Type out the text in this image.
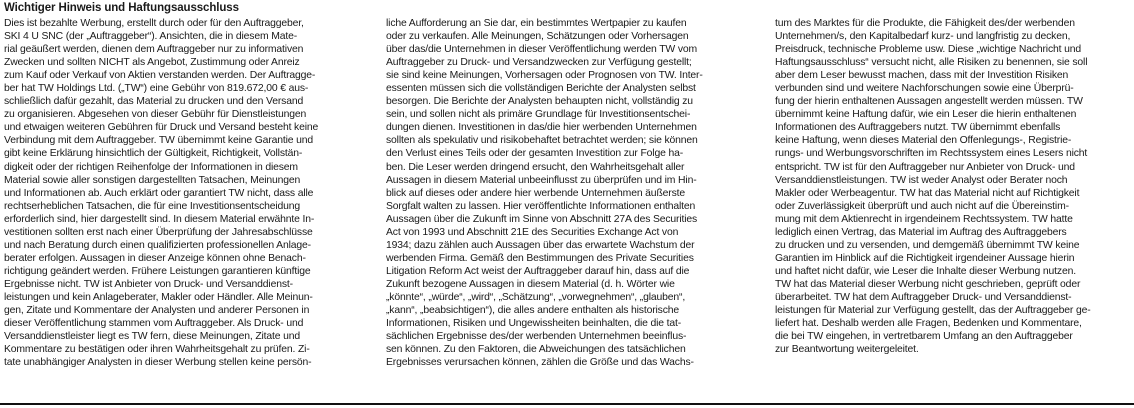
Wichtiger Hinweis und Haftungsausschluss
Dies ist bezahlte Werbung, erstellt durch oder für den Auftraggeber,
SKI 4 U SNC (der „Auftraggeber“). Ansichten, die in diesem Mate-
rial geäußert werden, dienen dem Auftraggeber nur zu informativen
Zwecken und sollten NICHT als Angebot, Zustimmung oder Anreiz
zum Kauf oder Verkauf von Aktien verstanden werden. Der Auftragge-
ber hat TW Holdings Ltd. („TW“) eine Gebühr von 819.672,00 € aus-
schließlich dafür gezahlt, das Material zu drucken und den Versand
zu organisieren. Abgesehen von dieser Gebühr für Dienstleistungen
und etwaigen weiteren Gebühren für Druck und Versand besteht keine
Verbindung mit dem Auftraggeber. TW übernimmt keine Garantie und
gibt keine Erklärung hinsichtlich der Gültigkeit, Richtigkeit, Vollstän-
digkeit oder der richtigen Reihenfolge der Informationen in diesem
Material sowie aller sonstigen dargestellten Tatsachen, Meinungen
und Informationen ab. Auch erklärt oder garantiert TW nicht, dass alle
rechtserheblichen Tatsachen, die für eine Investitionsentscheidung
erforderlich sind, hier dargestellt sind. In diesem Material erwähnte In-
vestitionen sollten erst nach einer Überprüfung der Jahresabschlüsse
und nach Beratung durch einen qualifizierten professionellen Anlage-
berater erfolgen. Aussagen in dieser Anzeige können ohne Benach-
richtigung geändert werden. Frühere Leistungen garantieren künftige
Ergebnisse nicht. TW ist Anbieter von Druck- und Versanddienst-
leistungen und kein Anlageberater, Makler oder Händler. Alle Meinun-
gen, Zitate und Kommentare der Analysten und anderer Personen in
dieser Veröffentlichung stammen vom Auftraggeber. Als Druck- und
Versanddienstleister liegt es TW fern, diese Meinungen, Zitate und
Kommentare zu bestätigen oder ihren Wahrheitsgehalt zu prüfen. Zi-
tate unabhängiger Analysten in dieser Werbung stellen keine persön-
liche Aufforderung an Sie dar, ein bestimmtes Wertpapier zu kaufen
oder zu verkaufen. Alle Meinungen, Schätzungen oder Vorhersagen
über das/die Unternehmen in dieser Veröffentlichung werden TW vom
Auftraggeber zu Druck- und Versandzwecken zur Verfügung gestellt;
sie sind keine Meinungen, Vorhersagen oder Prognosen von TW. Inter-
essenten müssen sich die vollständigen Berichte der Analysten selbst
besorgen. Die Berichte der Analysten behaupten nicht, vollständig zu
sein, und sollen nicht als primäre Grundlage für Investitionsentschei-
dungen dienen. Investitionen in das/die hier werbenden Unternehmen
sollten als spekulativ und risikobehaftet betrachtet werden; sie können
den Verlust eines Teils oder der gesamten Investition zur Folge ha-
ben. Die Leser werden dringend ersucht, den Wahrheitsgehalt aller
Aussagen in diesem Material unbeeinflusst zu überprüfen und im Hin-
blick auf dieses oder andere hier werbende Unternehmen äußerste
Sorgfalt walten zu lassen. Hier veröffentlichte Informationen enthalten
Aussagen über die Zukunft im Sinne von Abschnitt 27A des Securities
Act von 1993 und Abschnitt 21E des Securities Exchange Act von
1934; dazu zählen auch Aussagen über das erwartete Wachstum der
werbenden Firma. Gemäß den Bestimmungen des Private Securities
Litigation Reform Act weist der Auftraggeber darauf hin, dass auf die
Zukunft bezogene Aussagen in diesem Material (d. h. Wörter wie
„könnte“, „würde“, „wird“, „Schätzung“, „vorwegnehmen“, „glauben“,
„kann“, „beabsichtigen“), die alles andere enthalten als historische
Informationen, Risiken und Ungewissheiten beinhalten, die die tat-
sächlichen Ergebnisse des/der werbenden Unternehmen beeinflus-
sen können. Zu den Faktoren, die Abweichungen des tatsächlichen
Ergebnisses verursachen können, zählen die Größe und das Wachs-
tum des Marktes für die Produkte, die Fähigkeit des/der werbenden
Unternehmen/s, den Kapitalbedarf kurz- und langfristig zu decken,
Preisdruck, technische Probleme usw. Diese „wichtige Nachricht und
Haftungsausschluss“ versucht nicht, alle Risiken zu benennen, sie soll
aber dem Leser bewusst machen, dass mit der Investition Risiken
verbunden sind und weitere Nachforschungen sowie eine Überprü-
fung der hierin enthaltenen Aussagen angestellt werden müssen. TW
übernimmt keine Haftung dafür, wie ein Leser die hierin enthaltenen
Informationen des Auftraggebers nutzt. TW übernimmt ebenfalls
keine Haftung, wenn dieses Material den Offenlegungs-, Registrie-
rungs- und Werbungsvorschriften im Rechtssystem eines Lesers nicht
entspricht. TW ist für den Auftraggeber nur Anbieter von Druck- und
Versanddienstleistungen. TW ist weder Analyst oder Berater noch
Makler oder Werbeagentur. TW hat das Material nicht auf Richtigkeit
oder Zuverlässigkeit überprüft und auch nicht auf die Übereinstim-
mung mit dem Aktienrecht in irgendeinem Rechtssystem. TW hatte
lediglich einen Vertrag, das Material im Auftrag des Auftraggebers
zu drucken und zu versenden, und demgemäß übernimmt TW keine
Garantien im Hinblick auf die Richtigkeit irgendeiner Aussage hierin
und haftet nicht dafür, wie Leser die Inhalte dieser Werbung nutzen.
TW hat das Material dieser Werbung nicht geschrieben, geprüft oder
überarbeitet. TW hat dem Auftraggeber Druck- und Versanddienst-
leistungen für Material zur Verfügung gestellt, das der Auftraggeber ge-
liefert hat. Deshalb werden alle Fragen, Bedenken und Kommentare,
die bei TW eingehen, in vertretbarem Umfang an den Auftraggeber
zur Beantwortung weitergeleitet.
